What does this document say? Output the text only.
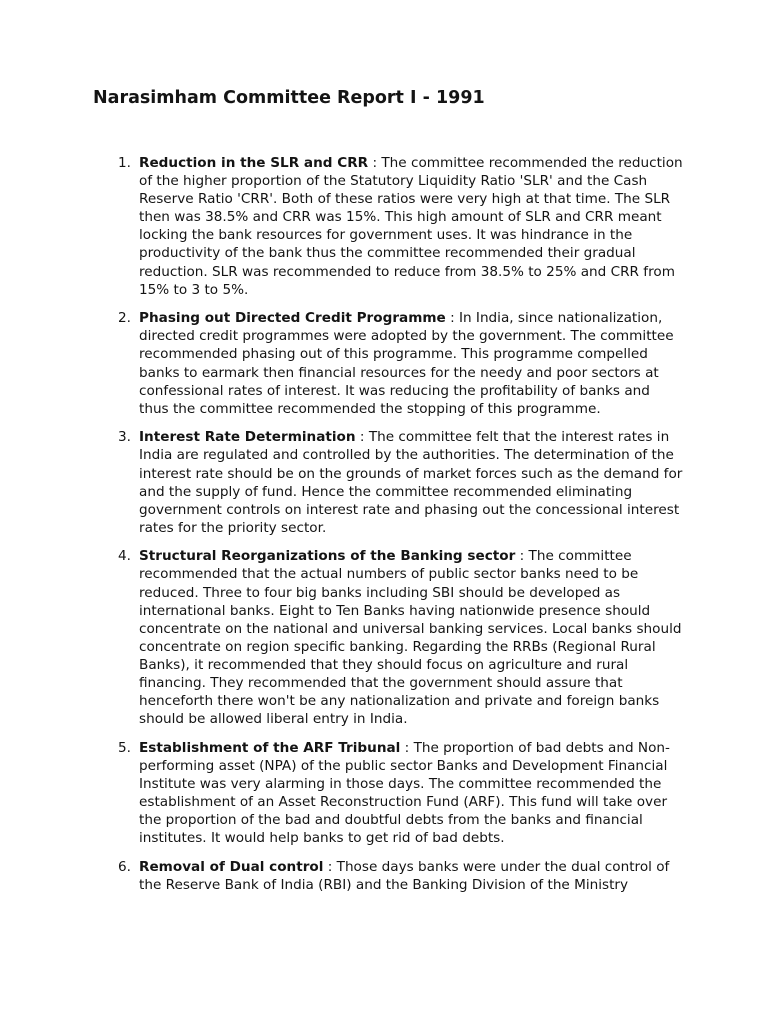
Narasimham Committee Report I - 1991
1. Reduction in the SLR and CRR : The committee recommended the reduction of the higher proportion of the Statutory Liquidity Ratio 'SLR' and the Cash Reserve Ratio 'CRR'. Both of these ratios were very high at that time. The SLR then was 38.5% and CRR was 15%. This high amount of SLR and CRR meant locking the bank resources for government uses. It was hindrance in the productivity of the bank thus the committee recommended their gradual reduction. SLR was recommended to reduce from 38.5% to 25% and CRR from 15% to 3 to 5%.
2. Phasing out Directed Credit Programme : In India, since nationalization, directed credit programmes were adopted by the government. The committee recommended phasing out of this programme. This programme compelled banks to earmark then financial resources for the needy and poor sectors at confessional rates of interest. It was reducing the profitability of banks and thus the committee recommended the stopping of this programme.
3. Interest Rate Determination : The committee felt that the interest rates in India are regulated and controlled by the authorities. The determination of the interest rate should be on the grounds of market forces such as the demand for and the supply of fund. Hence the committee recommended eliminating government controls on interest rate and phasing out the concessional interest rates for the priority sector.
4. Structural Reorganizations of the Banking sector : The committee recommended that the actual numbers of public sector banks need to be reduced. Three to four big banks including SBI should be developed as international banks. Eight to Ten Banks having nationwide presence should concentrate on the national and universal banking services. Local banks should concentrate on region specific banking. Regarding the RRBs (Regional Rural Banks), it recommended that they should focus on agriculture and rural financing. They recommended that the government should assure that henceforth there won't be any nationalization and private and foreign banks should be allowed liberal entry in India.
5. Establishment of the ARF Tribunal : The proportion of bad debts and Non-performing asset (NPA) of the public sector Banks and Development Financial Institute was very alarming in those days. The committee recommended the establishment of an Asset Reconstruction Fund (ARF). This fund will take over the proportion of the bad and doubtful debts from the banks and financial institutes. It would help banks to get rid of bad debts.
6. Removal of Dual control : Those days banks were under the dual control of the Reserve Bank of India (RBI) and the Banking Division of the Ministry
